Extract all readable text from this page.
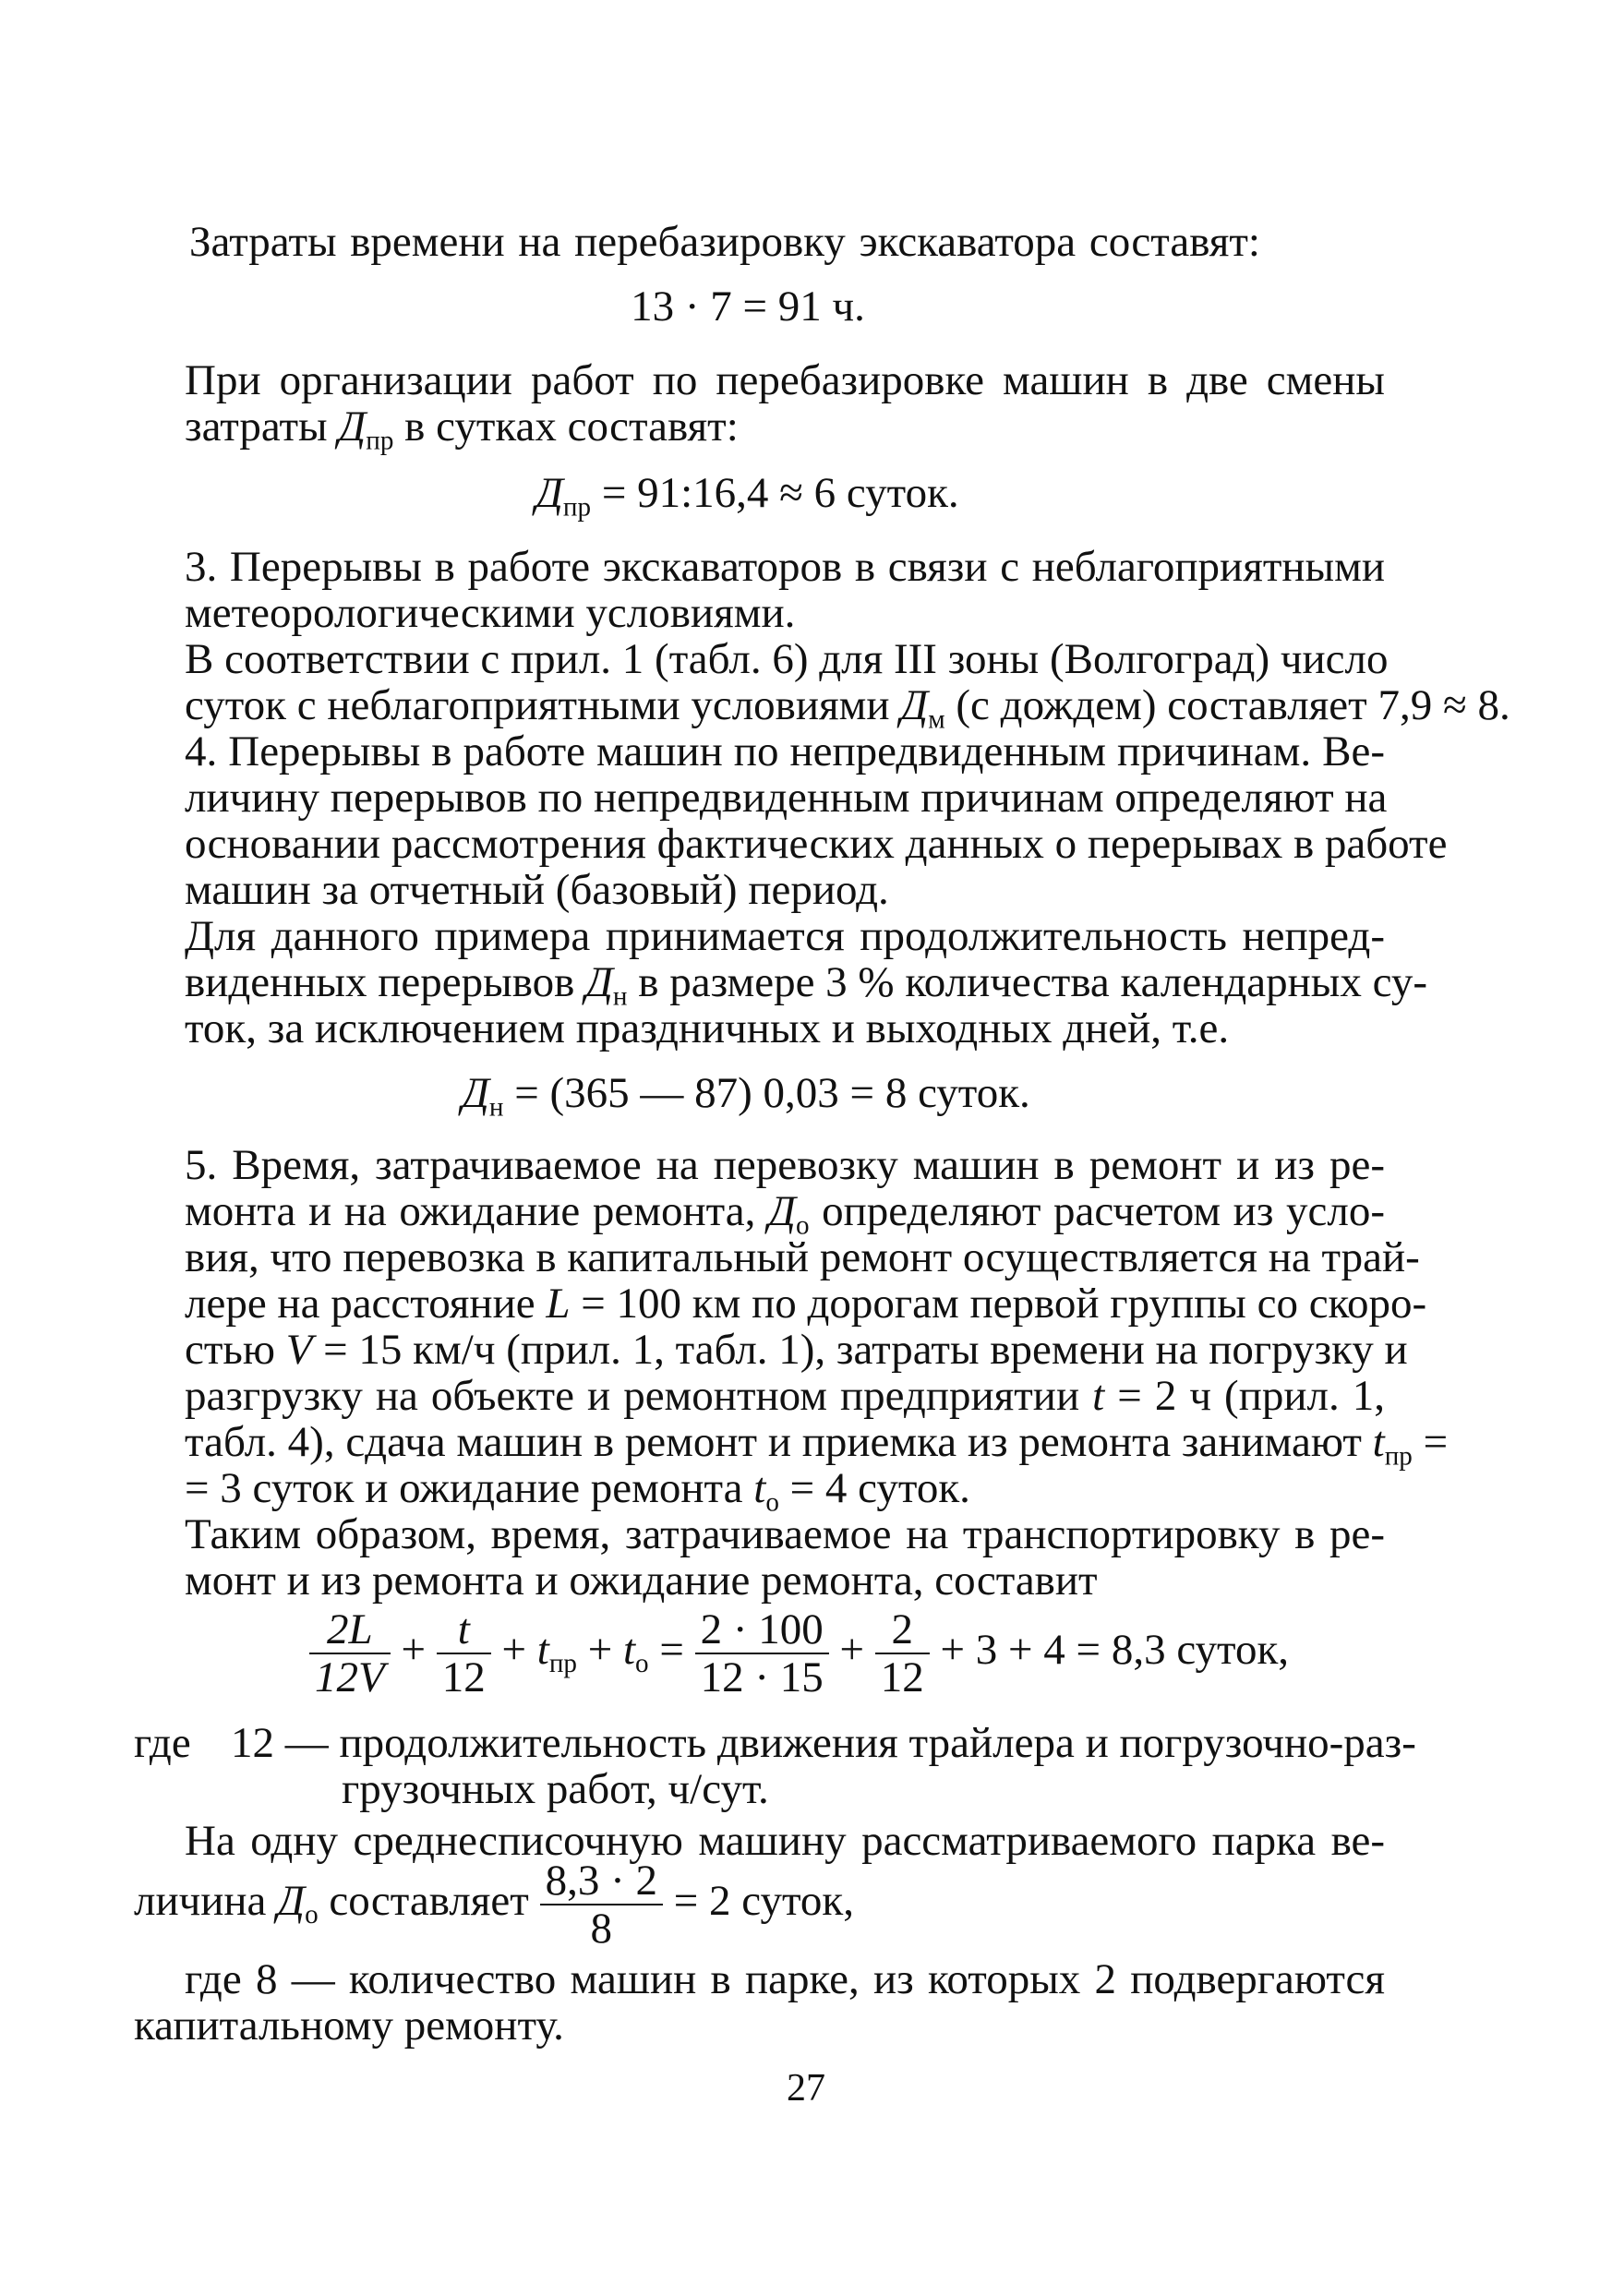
Затраты времени на перебазировку экскаватора составят:
13 · 7 = 91 ч.
При организации работ по перебазировке машин в две смены
затраты $Д_{пр}$ в сутках составят:
$Д_{пр}$ = 91:16,4 ≈ 6 суток.
3. Перерывы в работе экскаваторов в связи с неблагоприятными
метеорологическими условиями.
В соответствии с прил. 1 (табл. 6) для III зоны (Волгоград) число
суток с неблагоприятными условиями $Д_м$ (с дождем) составляет 7,9 ≈ 8.
4. Перерывы в работе машин по непредвиденным причинам. Ве-
личину перерывов по непредвиденным причинам определяют на
основании рассмотрения фактических данных о перерывах в работе
машин за отчетный (базовый) период.
Для данного примера принимается продолжительность непред-
виденных перерывов $Д_н$ в размере 3 % количества календарных су-
ток, за исключением праздничных и выходных дней, т.е.
$Д_н = (365$ — 87) 0,03 = 8 суток.
5. Время, затрачиваемое на перевозку машин в ремонт и из ре-
монта и на ожидание ремонта, $Д_о$ определяют расчетом из усло-
вия, что перевозка в капитальный ремонт осуществляется на трай-
лере на расстояние L = 100 км по дорогам первой группы со скоро-
стью V = 15 км/ч (прил. 1, табл. 1), затраты времени на погрузку и
разгрузку на объекте и ремонтном предприятии t = 2 ч (прил. 1,
табл. 4), сдача машин в ремонт и приемка из ремонта занимают $t_{пр}$ =
= 3 суток и ожидание ремонта $t_о = 4$ суток.
Таким образом, время, затрачиваемое на транспортировку в ре-
монт и из ремонта и ожидание ремонта, составит
$\frac{2L}{12V} + \frac{t}{12} + t_{пр} + t_о = \frac{2 \cdot 100}{12 \cdot 15} + \frac{2}{12} + 3 + 4 = 8,3$ суток,
где 12 — продолжительность движения трайлера и погрузочно-раз-
грузочных работ, ч/сут.
На одну среднесписочную машину рассматриваемого парка ве-
личина $Д_о$ составляет $\frac{8,3 \cdot 2}{8} = 2$ суток,
где 8 — количество машин в парке, из которых 2 подвергаются
капитальному ремонту.
27
